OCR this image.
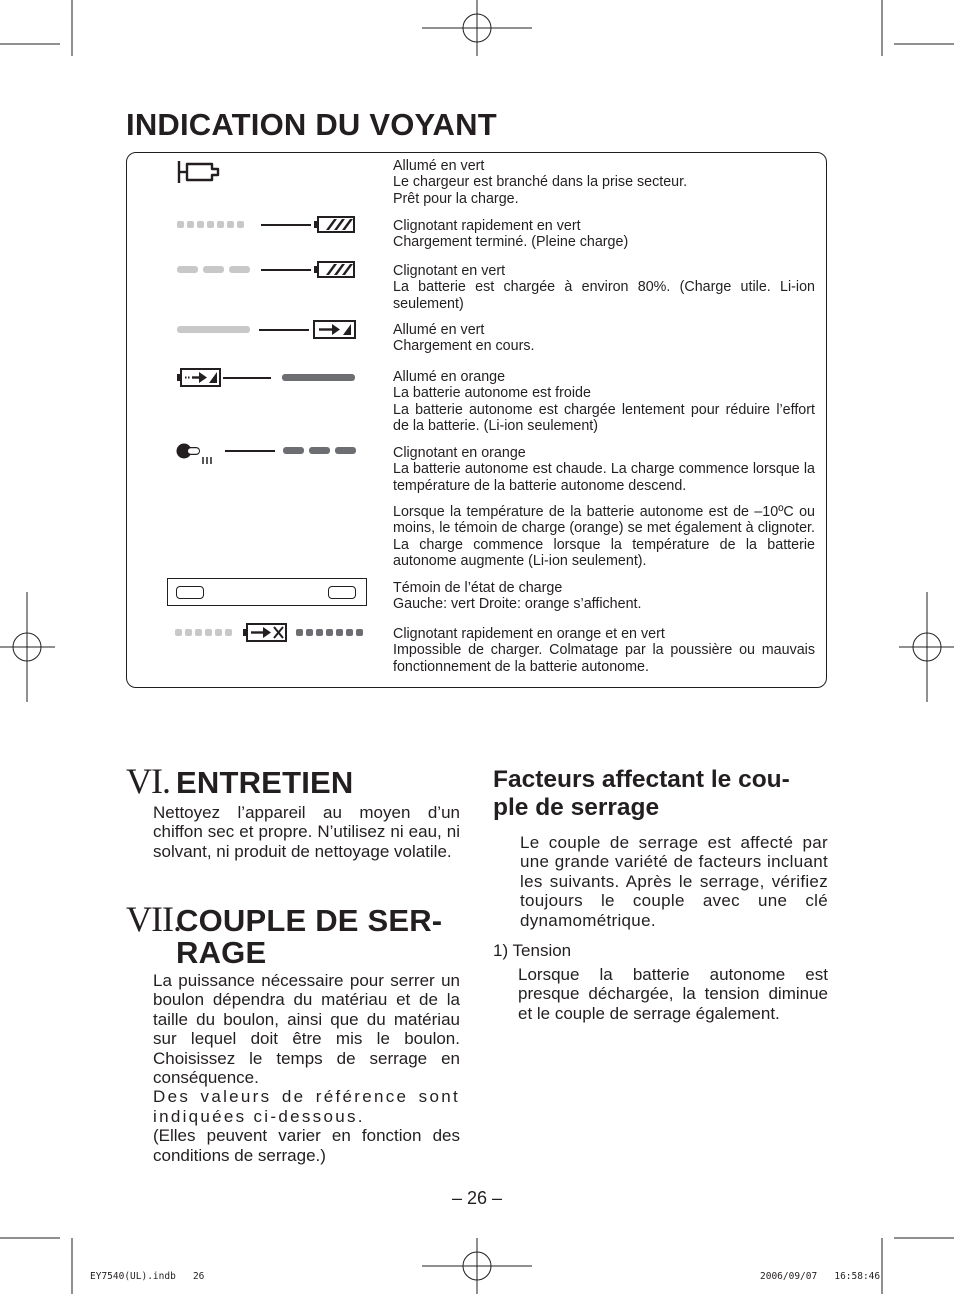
INDICATION DU VOYANT
Allumé en vert
Le chargeur est branché dans la prise secteur.
Prêt pour la charge.
Clignotant rapidement en vert
Chargement terminé. (Pleine charge)
Clignotant en vert
La batterie est chargée à environ 80%. (Charge utile. Li-ion seulement)
Allumé en vert
Chargement en cours.
Allumé en orange
La batterie autonome est froide
La batterie autonome est chargée lentement pour réduire l’effort de la batterie. (Li-ion seulement)
Clignotant en orange
La batterie autonome est chaude. La charge commence lorsque la température de la batterie autonome descend.
Lorsque la température de la batterie autonome est de –10ºC ou moins, le témoin de charge (orange) se met également à clignoter. La charge commence lorsque la température de la batterie autonome augmente (Li-ion seulement).
Témoin de l’état de charge
Gauche: vert Droite: orange s’affichent.
Clignotant rapidement en orange et en vert
Impossible de charger. Colmatage par la poussière ou mauvais fonctionnement de la batterie autonome.
VI. ENTRETIEN
Nettoyez l’appareil au moyen d’un chiffon sec et propre. N’utilisez ni eau, ni solvant, ni produit de nettoyage volatile.
VII.COUPLE DE SER-
RAGE
La puissance nécessaire pour serrer un boulon dépendra du matériau et de la taille du boulon, ainsi que du matériau sur lequel doit être mis le boulon. Choisissez le temps de serrage en conséquence.
Des valeurs de référence sont indiquées ci-dessous.
(Elles peuvent varier en fonction des conditions de serrage.)
Facteurs affectant le cou-
ple de serrage
Le couple de serrage est affecté par une grande variété de facteurs incluant les suivants. Après le serrage, vérifiez toujours le couple avec une clé dynamométrique.
1) Tension
Lorsque la batterie autonome est presque déchargée, la tension diminue et le couple de serrage également.
– 26 –
EY7540(UL).indb   26	2006/09/07   16:58:46
